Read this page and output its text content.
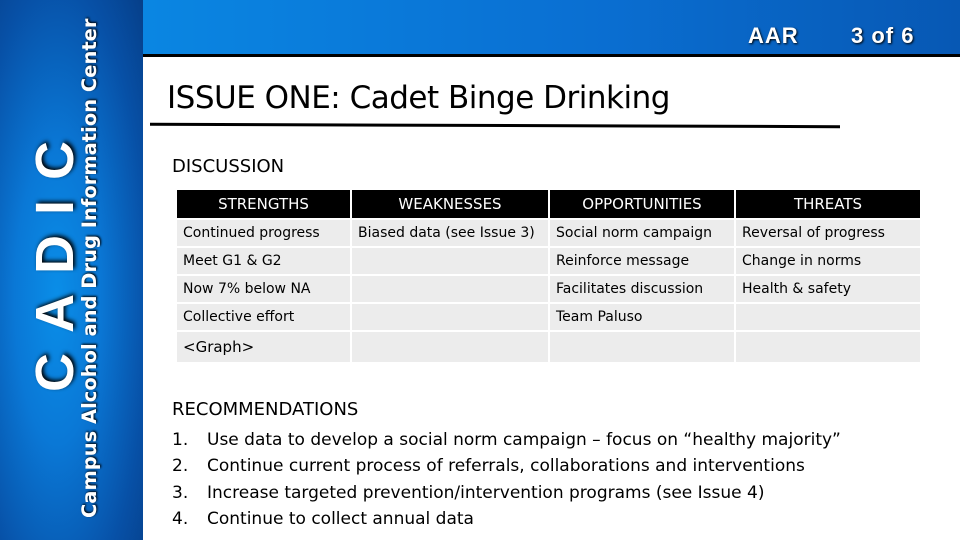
Campus Alcohol and Drug Information Center
CADIC
AAR 3 of 6
ISSUE ONE: Cadet Binge Drinking
DISCUSSION
STRENGTHS	WEAKNESSES	OPPORTUNITIES	THREATS
Continued progress	Biased data (see Issue 3)	Social norm campaign	Reversal of progress
Meet G1 & G2		Reinforce message	Change in norms
Now 7% below NA		Facilitates discussion	Health & safety
Collective effort		Team Paluso	
<Graph>			
RECOMMENDATIONS
1. Use data to develop a social norm campaign – focus on “healthy majority”
2. Continue current process of referrals, collaborations and interventions
3. Increase targeted prevention/intervention programs (see Issue 4)
4. Continue to collect annual data
